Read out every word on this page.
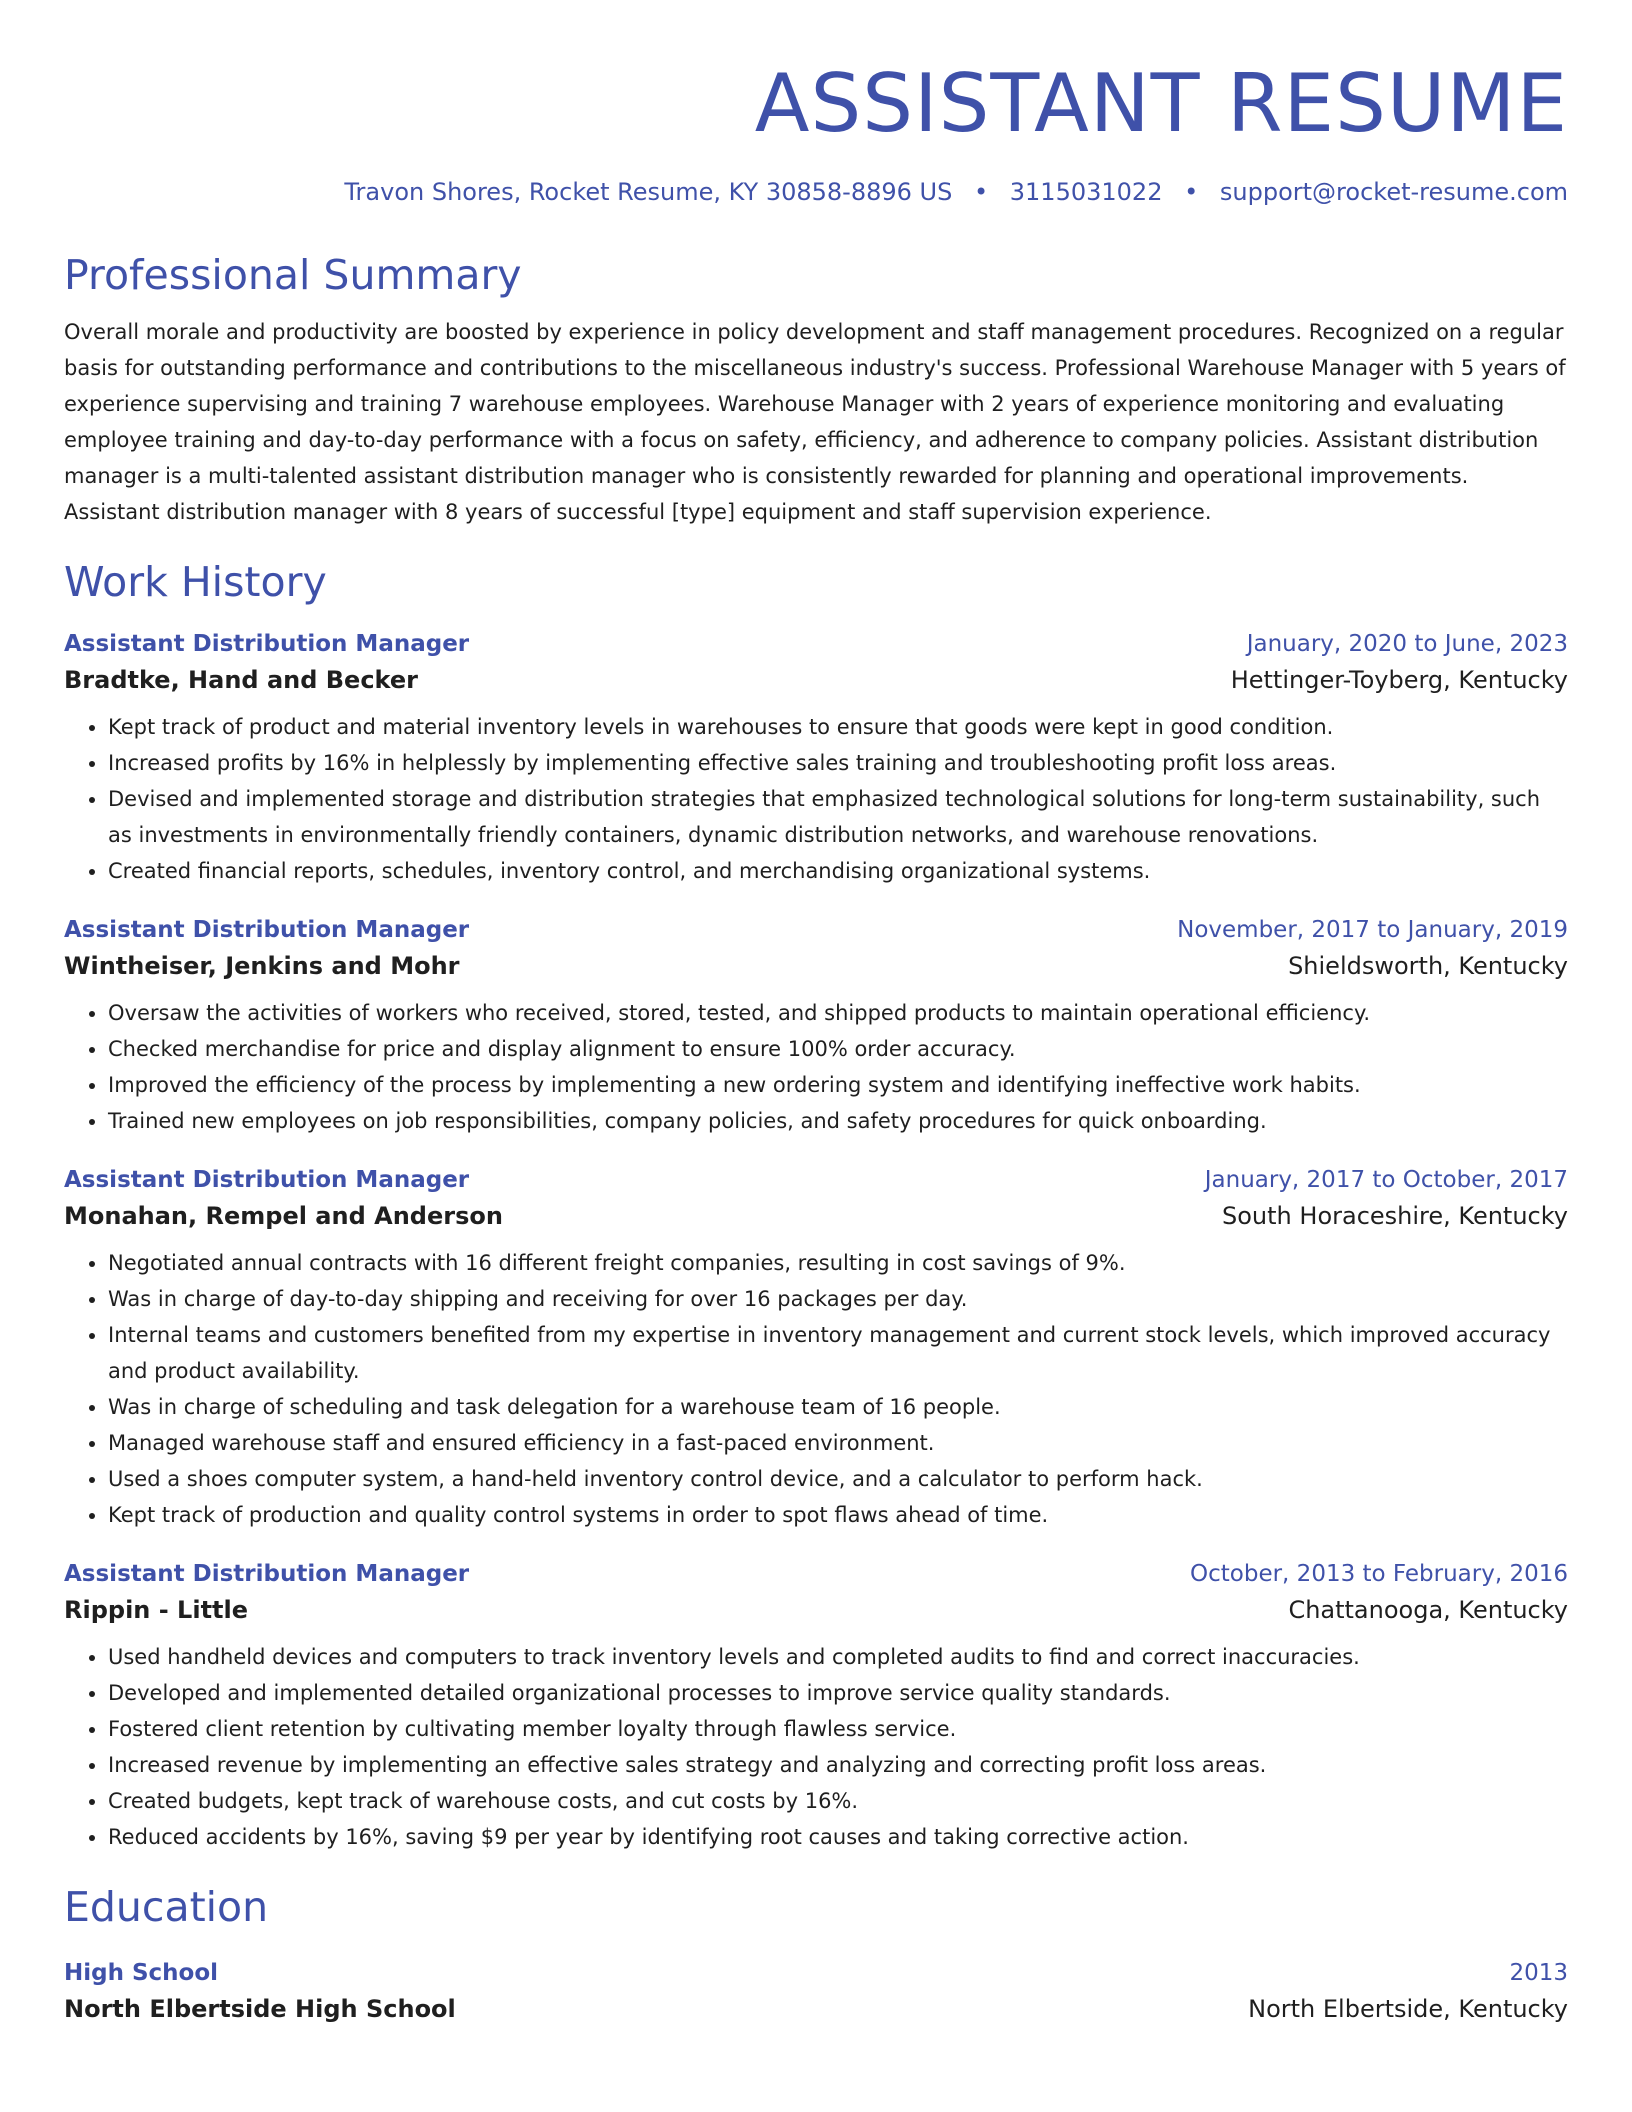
ASSISTANT RESUME
Travon Shores, Rocket Resume, KY 30858-8896 US • 3115031022 • support@rocket-resume.com
Professional Summary
Overall morale and productivity are boosted by experience in policy development and staff management procedures. Recognized on a regular basis for outstanding performance and contributions to the miscellaneous industry's success. Professional Warehouse Manager with 5 years of experience supervising and training 7 warehouse employees. Warehouse Manager with 2 years of experience monitoring and evaluating employee training and day-to-day performance with a focus on safety, efficiency, and adherence to company policies. Assistant distribution manager is a multi-talented assistant distribution manager who is consistently rewarded for planning and operational improvements. Assistant distribution manager with 8 years of successful [type] equipment and staff supervision experience.
Work History
Assistant Distribution Manager	January, 2020 to June, 2023
Bradtke, Hand and Becker	Hettinger-Toyberg, Kentucky
• Kept track of product and material inventory levels in warehouses to ensure that goods were kept in good condition.
• Increased profits by 16% in helplessly by implementing effective sales training and troubleshooting profit loss areas.
• Devised and implemented storage and distribution strategies that emphasized technological solutions for long-term sustainability, such as investments in environmentally friendly containers, dynamic distribution networks, and warehouse renovations.
• Created financial reports, schedules, inventory control, and merchandising organizational systems.
Assistant Distribution Manager	November, 2017 to January, 2019
Wintheiser, Jenkins and Mohr	Shieldsworth, Kentucky
• Oversaw the activities of workers who received, stored, tested, and shipped products to maintain operational efficiency.
• Checked merchandise for price and display alignment to ensure 100% order accuracy.
• Improved the efficiency of the process by implementing a new ordering system and identifying ineffective work habits.
• Trained new employees on job responsibilities, company policies, and safety procedures for quick onboarding.
Assistant Distribution Manager	January, 2017 to October, 2017
Monahan, Rempel and Anderson	South Horaceshire, Kentucky
• Negotiated annual contracts with 16 different freight companies, resulting in cost savings of 9%.
• Was in charge of day-to-day shipping and receiving for over 16 packages per day.
• Internal teams and customers benefited from my expertise in inventory management and current stock levels, which improved accuracy and product availability.
• Was in charge of scheduling and task delegation for a warehouse team of 16 people.
• Managed warehouse staff and ensured efficiency in a fast-paced environment.
• Used a shoes computer system, a hand-held inventory control device, and a calculator to perform hack.
• Kept track of production and quality control systems in order to spot flaws ahead of time.
Assistant Distribution Manager	October, 2013 to February, 2016
Rippin - Little	Chattanooga, Kentucky
• Used handheld devices and computers to track inventory levels and completed audits to find and correct inaccuracies.
• Developed and implemented detailed organizational processes to improve service quality standards.
• Fostered client retention by cultivating member loyalty through flawless service.
• Increased revenue by implementing an effective sales strategy and analyzing and correcting profit loss areas.
• Created budgets, kept track of warehouse costs, and cut costs by 16%.
• Reduced accidents by 16%, saving $9 per year by identifying root causes and taking corrective action.
Education
High School	2013
North Elbertside High School	North Elbertside, Kentucky
